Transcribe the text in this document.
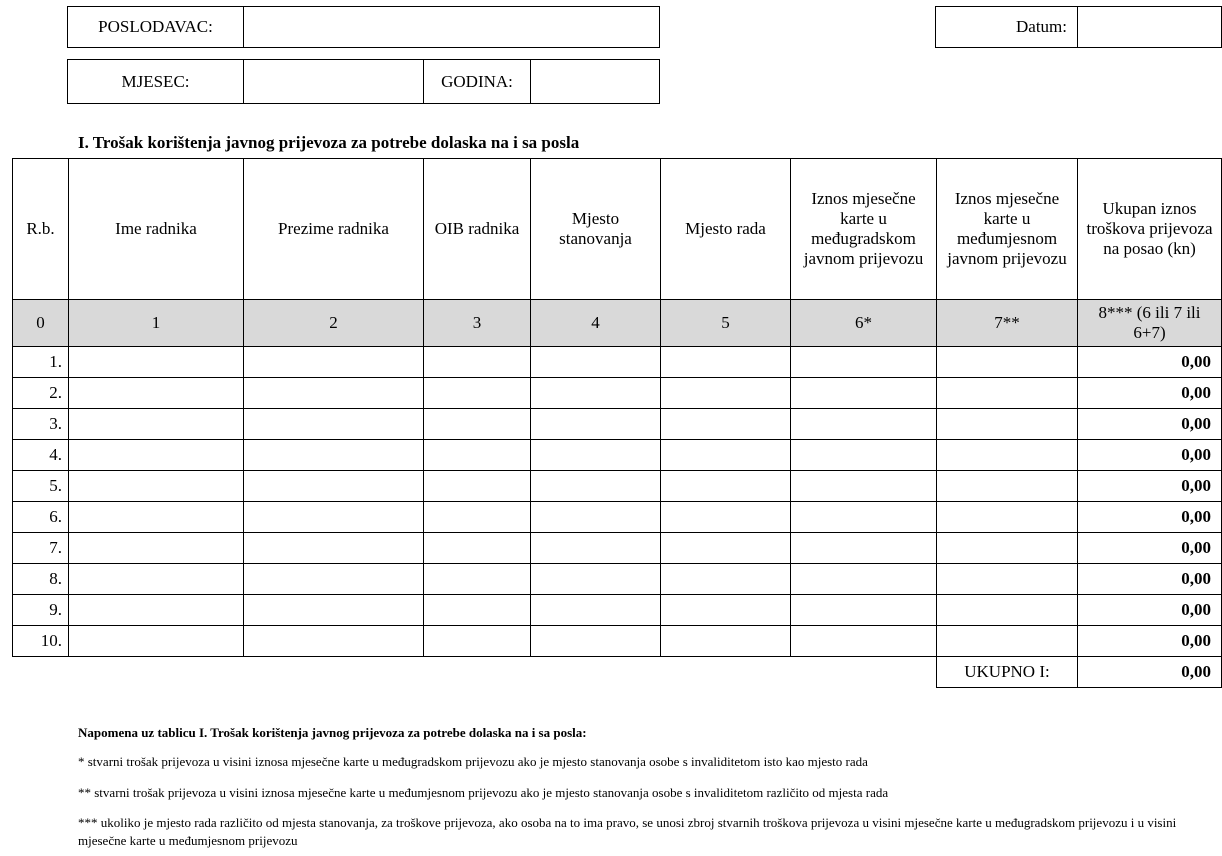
POSLODAVAC:	Datum:
MJESEC:	GODINA:
I. Trošak korištenja javnog prijevoza za potrebe dolaska na i sa posla
R.b.	Ime radnika	Prezime radnika	OIB radnika	Mjesto stanovanja	Mjesto rada	Iznos mjesečne karte u međugradskom javnom prijevozu	Iznos mjesečne karte u međumjesnom javnom prijevozu	Ukupan iznos troškova prijevoza na posao (kn)
0	1	2	3	4	5	6*	7**	8*** (6 ili 7 ili 6+7)
1.								0,00
2.								0,00
3.								0,00
4.								0,00
5.								0,00
6.								0,00
7.								0,00
8.								0,00
9.								0,00
10.								0,00
							UKUPNO I:	0,00
Napomena uz tablicu I. Trošak korištenja javnog prijevoza za potrebe dolaska na i sa posla:
* stvarni trošak prijevoza u visini iznosa mjesečne karte u međugradskom prijevozu ako je mjesto stanovanja osobe s invaliditetom isto kao mjesto rada
** stvarni trošak prijevoza u visini iznosa mjesečne karte u međumjesnom prijevozu ako je mjesto stanovanja osobe s invaliditetom različito od mjesta rada
*** ukoliko je mjesto rada različito od mjesta stanovanja, za troškove prijevoza, ako osoba na to ima pravo, se unosi zbroj stvarnih troškova prijevoza u visini mjesečne karte u međugradskom prijevozu i u visini mjesečne karte u međumjesnom prijevozu
